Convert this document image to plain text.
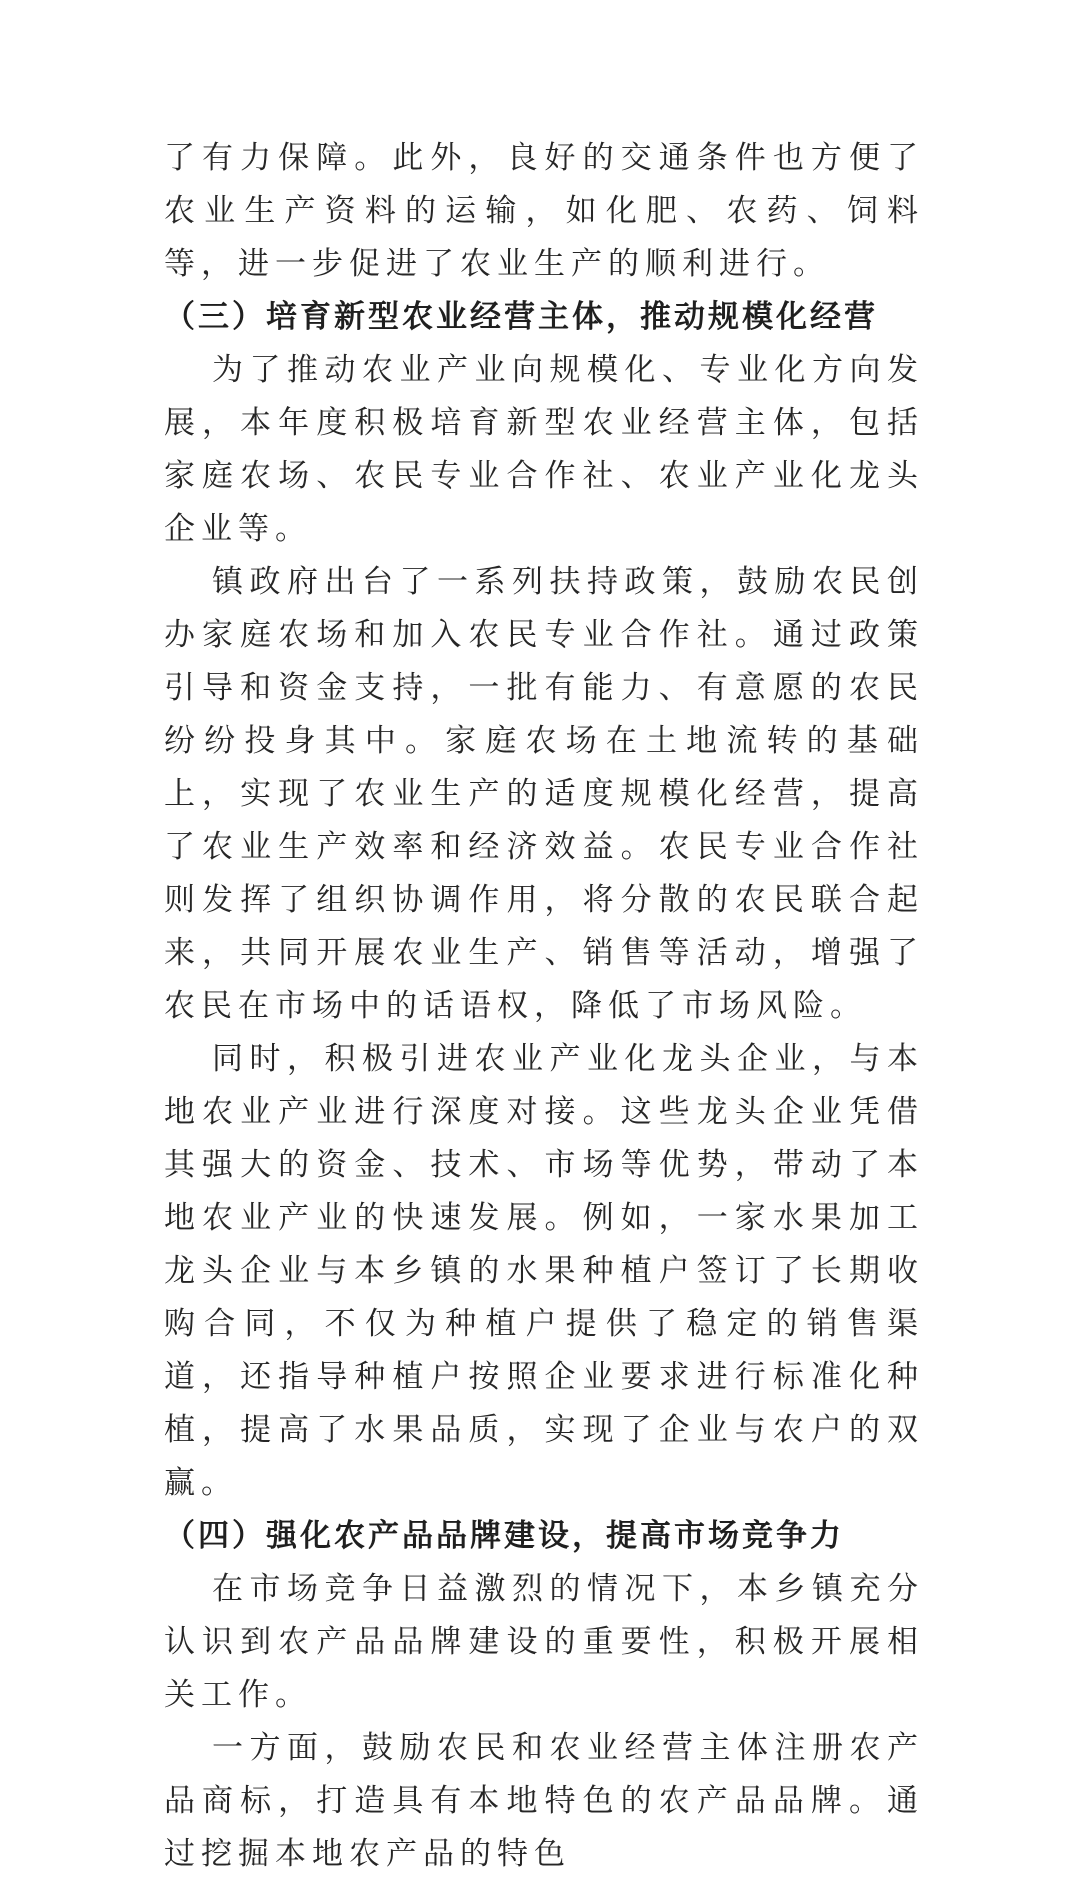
了有力保障。此外，良好的交通条件也方便了农业生产资料的运输，如化肥、农药、饲料等，进一步促进了农业生产的顺利进行。

（三）培育新型农业经营主体，推动规模化经营

为了推动农业产业向规模化、专业化方向发展，本年度积极培育新型农业经营主体，包括家庭农场、农民专业合作社、农业产业化龙头企业等。

镇政府出台了一系列扶持政策，鼓励农民创办家庭农场和加入农民专业合作社。通过政策引导和资金支持，一批有能力、有意愿的农民纷纷投身其中。家庭农场在土地流转的基础上，实现了农业生产的适度规模化经营，提高了农业生产效率和经济效益。农民专业合作社则发挥了组织协调作用，将分散的农民联合起来，共同开展农业生产、销售等活动，增强了农民在市场中的话语权，降低了市场风险。

同时，积极引进农业产业化龙头企业，与本地农业产业进行深度对接。这些龙头企业凭借其强大的资金、技术、市场等优势，带动了本地农业产业的快速发展。例如，一家水果加工龙头企业与本乡镇的水果种植户签订了长期收购合同，不仅为种植户提供了稳定的销售渠道，还指导种植户按照企业要求进行标准化种植，提高了水果品质，实现了企业与农户的双赢。

（四）强化农产品品牌建设，提高市场竞争力

在市场竞争日益激烈的情况下，本乡镇充分认识到农产品品牌建设的重要性，积极开展相关工作。

一方面，鼓励农民和农业经营主体注册农产品商标，打造具有本地特色的农产品品牌。通过挖掘本地农产品的特色
